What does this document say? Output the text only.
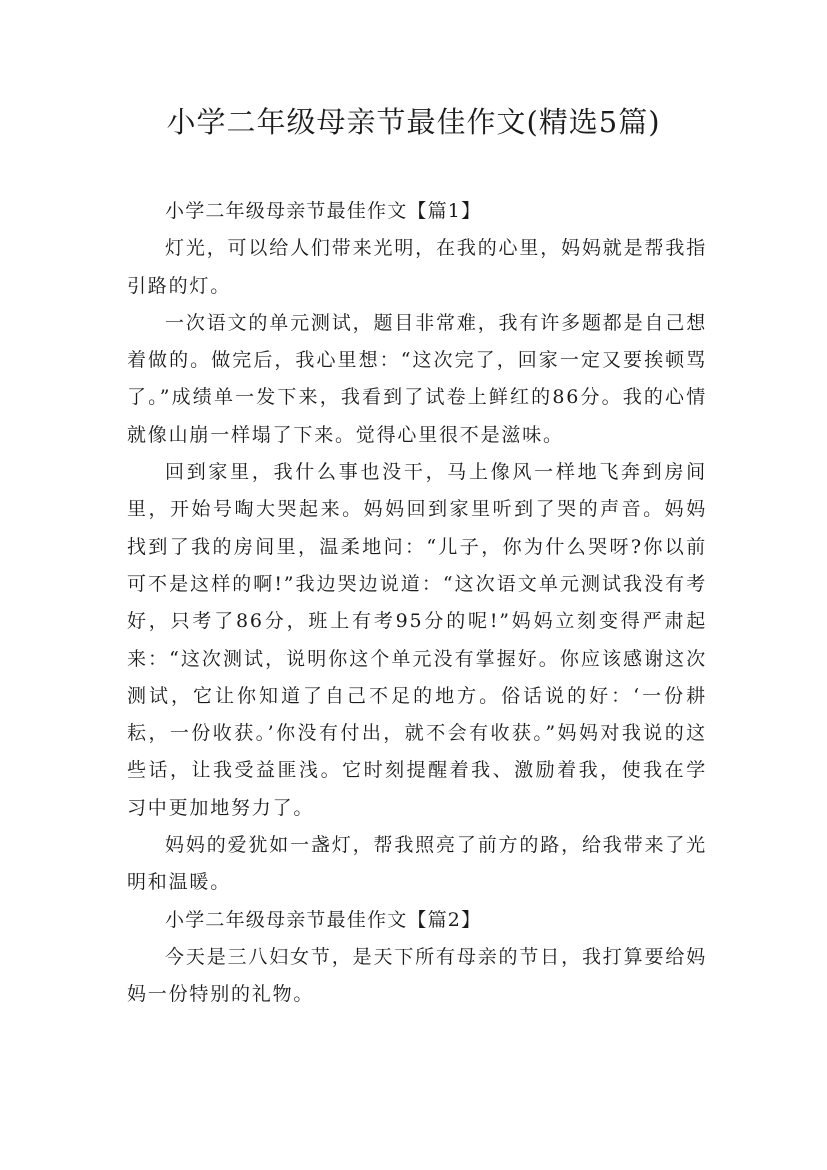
小学二年级母亲节最佳作文(精选5篇)

小学二年级母亲节最佳作文【篇1】

灯光，可以给人们带来光明，在我的心里，妈妈就是帮我指引路的灯。

一次语文的单元测试，题目非常难，我有许多题都是自己想着做的。做完后，我心里想：“这次完了，回家一定又要挨顿骂了。”成绩单一发下来，我看到了试卷上鲜红的86分。我的心情就像山崩一样塌了下来。觉得心里很不是滋味。

回到家里，我什么事也没干，马上像风一样地飞奔到房间里，开始号啕大哭起来。妈妈回到家里听到了哭的声音。妈妈找到了我的房间里，温柔地问：“儿子，你为什么哭呀?你以前可不是这样的啊!”我边哭边说道：“这次语文单元测试我没有考好，只考了86分，班上有考95分的呢!”妈妈立刻变得严肃起来：“这次测试，说明你这个单元没有掌握好。你应该感谢这次测试，它让你知道了自己不足的地方。俗话说的好：‘一份耕耘，一份收获。’你没有付出，就不会有收获。”妈妈对我说的这些话，让我受益匪浅。它时刻提醒着我、激励着我，使我在学习中更加地努力了。

妈妈的爱犹如一盏灯，帮我照亮了前方的路，给我带来了光明和温暖。

小学二年级母亲节最佳作文【篇2】

今天是三八妇女节，是天下所有母亲的节日，我打算要给妈妈一份特别的礼物。
